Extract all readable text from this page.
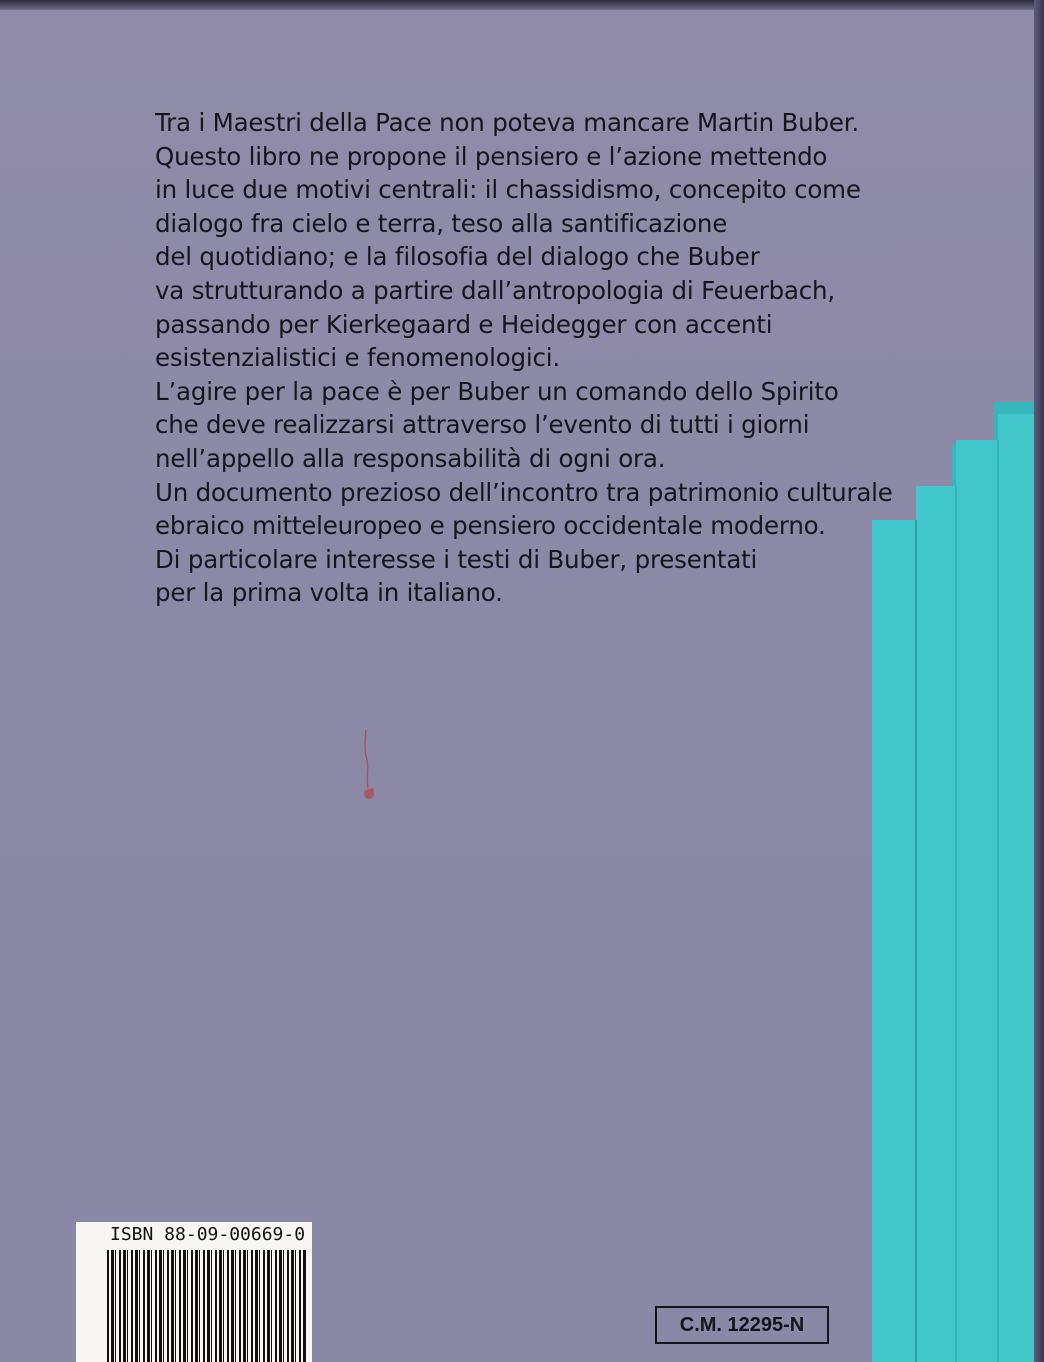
Tra i Maestri della Pace non poteva mancare Martin Buber.

Questo libro ne propone il pensiero e l’azione mettendo

in luce due motivi centrali: il chassidismo, concepito come

dialogo fra cielo e terra, teso alla santificazione

del quotidiano; e la filosofia del dialogo che Buber

va strutturando a partire dall’antropologia di Feuerbach,

passando per Kierkegaard e Heidegger con accenti

esistenzialistici e fenomenologici.

L’agire per la pace è per Buber un comando dello Spirito

che deve realizzarsi attraverso l’evento di tutti i giorni

nell’appello alla responsabilità di ogni ora.

Un documento prezioso dell’incontro tra patrimonio culturale

ebraico mitteleuropeo e pensiero occidentale moderno.

Di particolare interesse i testi di Buber, presentati

per la prima volta in italiano.

ISBN 88-09-00669-0
C.M. 12295-N
